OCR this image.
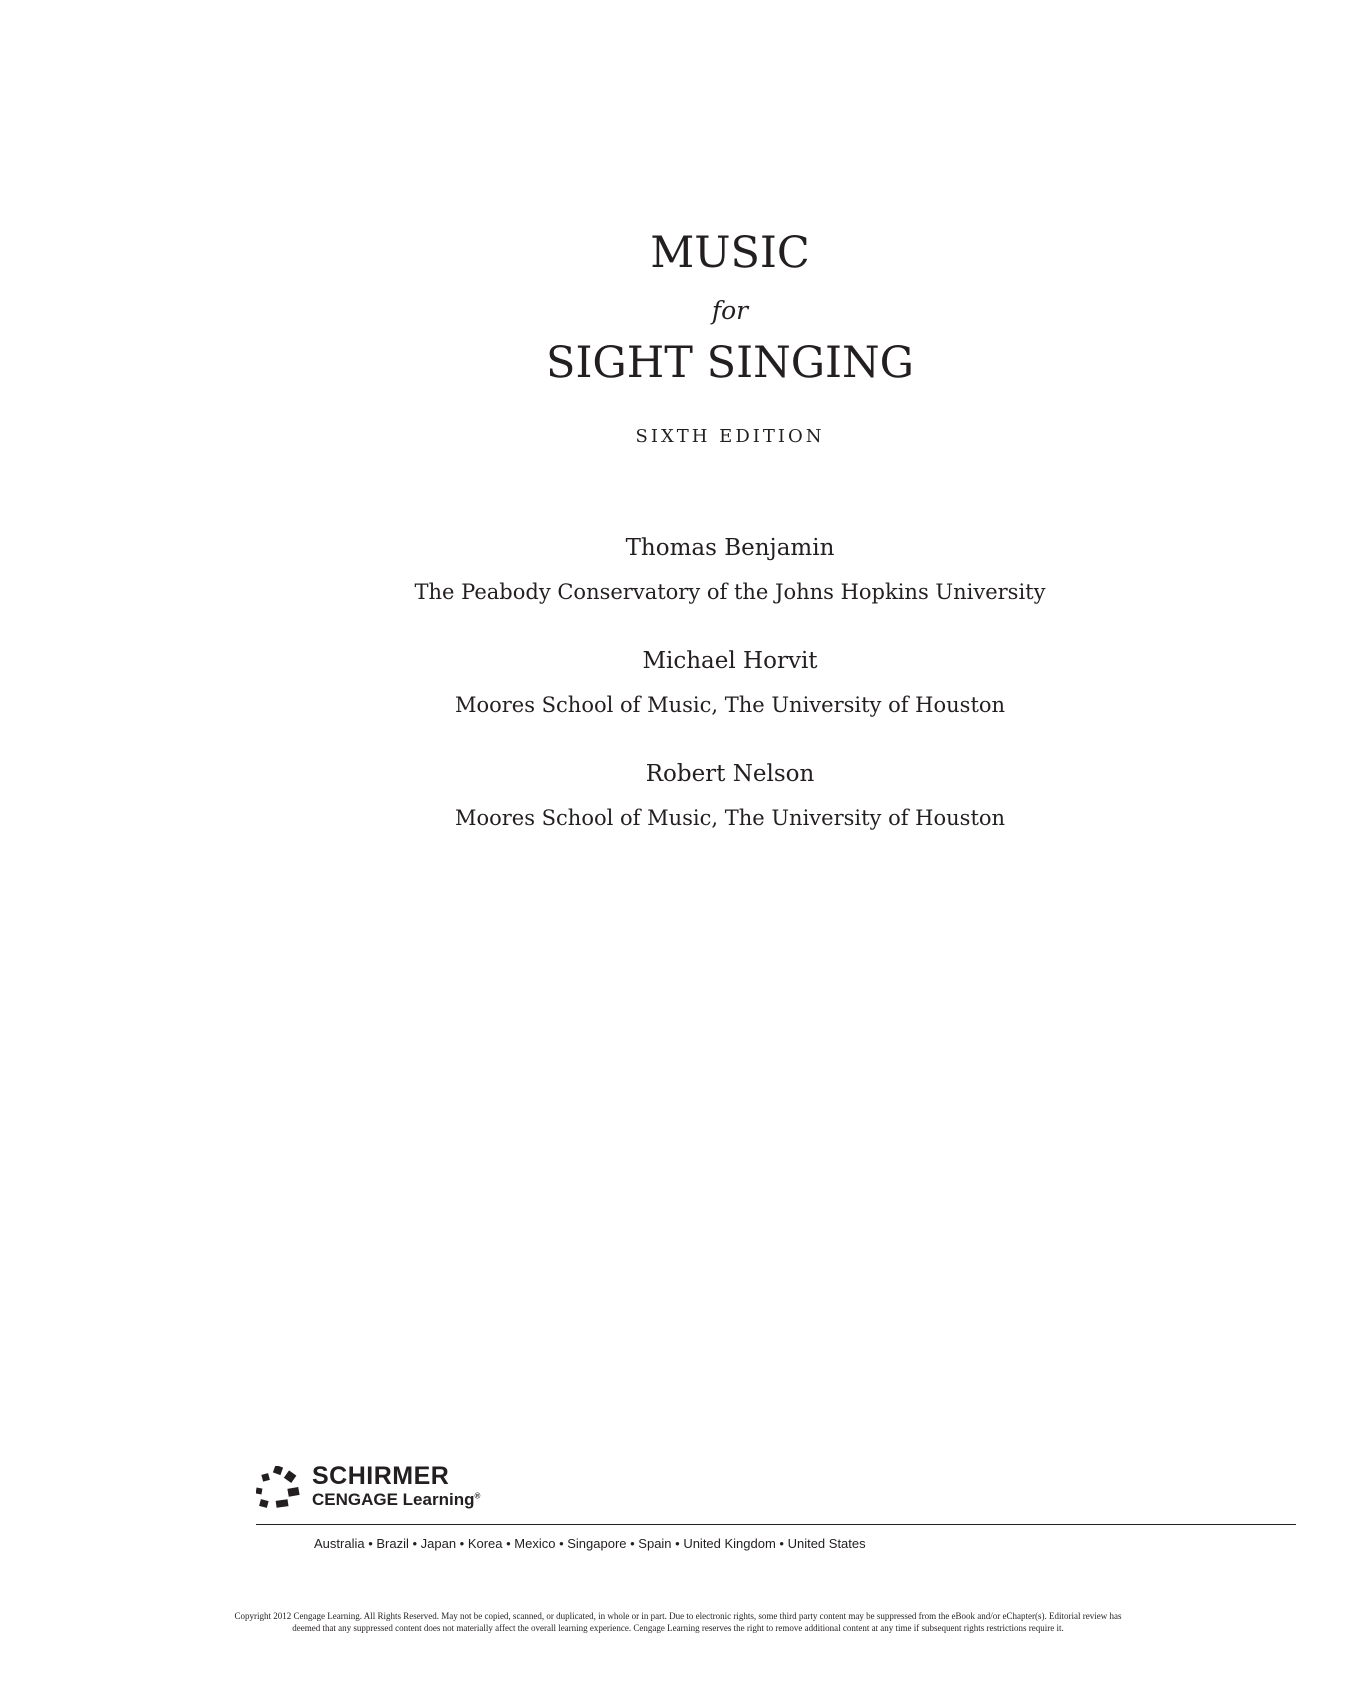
MUSIC
for
SIGHT SINGING
SIXTH EDITION
Thomas Benjamin
The Peabody Conservatory of the Johns Hopkins University
Michael Horvit
Moores School of Music, The University of Houston
Robert Nelson
Moores School of Music, The University of Houston
SCHIRMER
CENGAGE Learning®
Australia • Brazil • Japan • Korea • Mexico • Singapore • Spain • United Kingdom • United States
Copyright 2012 Cengage Learning. All Rights Reserved. May not be copied, scanned, or duplicated, in whole or in part. Due to electronic rights, some third party content may be suppressed from the eBook and/or eChapter(s). Editorial review has
deemed that any suppressed content does not materially affect the overall learning experience. Cengage Learning reserves the right to remove additional content at any time if subsequent rights restrictions require it.
